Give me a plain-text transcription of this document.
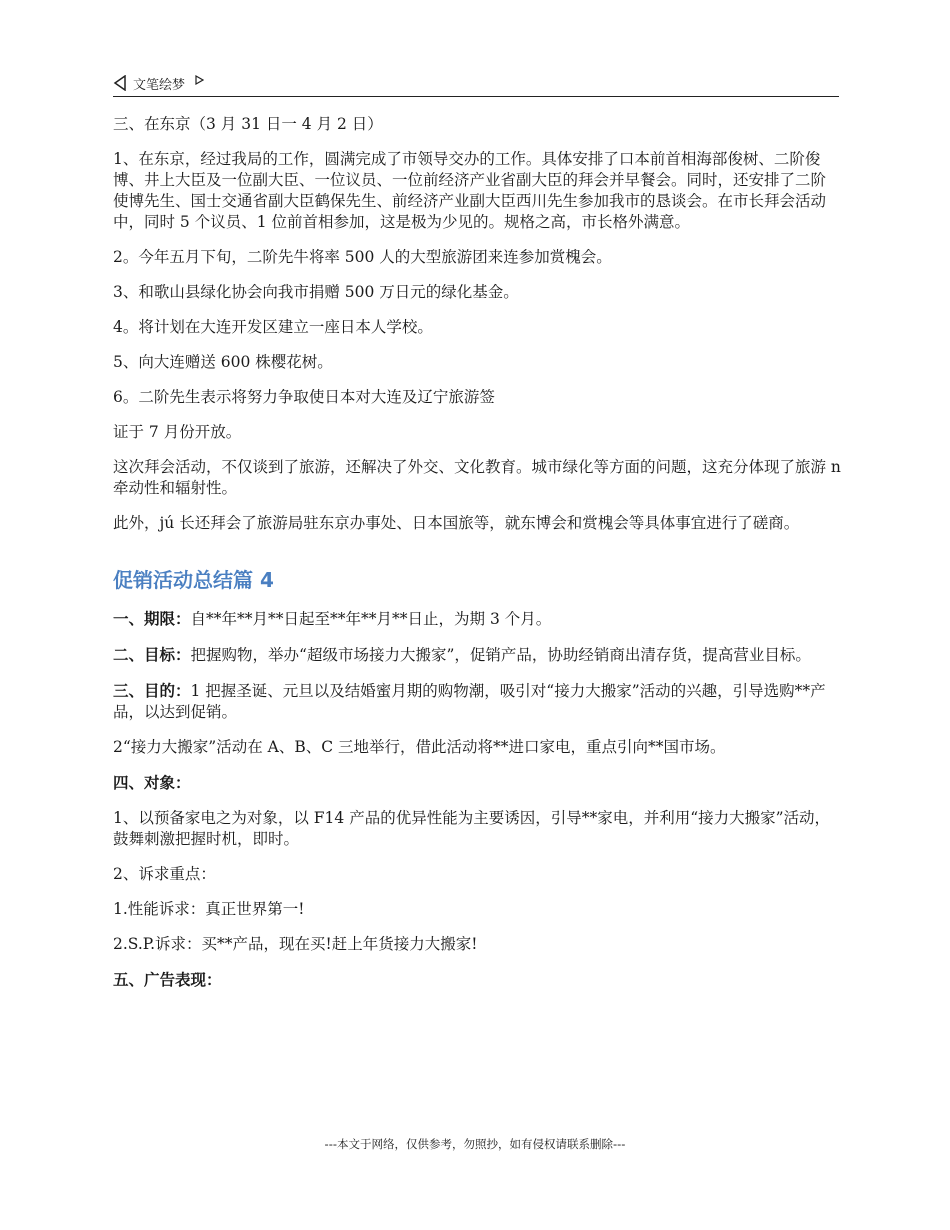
文笔绘梦

三、在东京（3 月 31 日一 4 月 2 日）

1、在东京，经过我局的工作，圆满完成了市领导交办的工作。具体安排了口本前首相海部俊树、二阶俊博、井上大臣及一位副大臣、一位议员、一位前经济产业省副大臣的拜会并早餐会。同时，还安排了二阶使博先生、国士交通省副大臣鹤保先生、前经济产业副大臣西川先生参加我市的恳谈会。在市长拜会活动中，同时 5 个议员、1 位前首相参加，这是极为少见的。规格之高，市长格外满意。

2。今年五月下旬，二阶先牛将率 500 人的大型旅游团来连参加赏槐会。

3、和歌山县绿化协会向我市捐赠 500 万日元的绿化基金。

4。将计划在大连开发区建立一座日本人学校。

5、向大连赠送 600 株樱花树。

6。二阶先生表示将努力争取使日本对大连及辽宁旅游签

证于 7 月份开放。

这次拜会活动，不仅谈到了旅游，还解决了外交、文化教育。城市绿化等方面的问题，这充分体现了旅游 n 牵动性和辐射性。

此外，jú 长还拜会了旅游局驻东京办事处、日本国旅等，就东博会和赏槐会等具体事宜进行了磋商。

促销活动总结篇 4

一、期限：自**年**月**日起至**年**月**日止，为期 3 个月。

二、目标：把握购物，举办“超级市场接力大搬家”，促销产品，协助经销商出清存货，提高营业目标。

三、目的：1 把握圣诞、元旦以及结婚蜜月期的购物潮，吸引对“接力大搬家”活动的兴趣，引导选购**产品，以达到促销。

2“接力大搬家”活动在 A、B、C 三地举行，借此活动将**进口家电，重点引向**国市场。

四、对象：

1、以预备家电之为对象，以 F14 产品的优异性能为主要诱因，引导**家电，并利用“接力大搬家”活动，鼓舞刺激把握时机，即时。

2、诉求重点：

1.性能诉求：真正世界第一!

2.S.P.诉求：买**产品，现在买!赶上年货接力大搬家!

五、广告表现：

---本文于网络，仅供参考，勿照抄，如有侵权请联系删除---
